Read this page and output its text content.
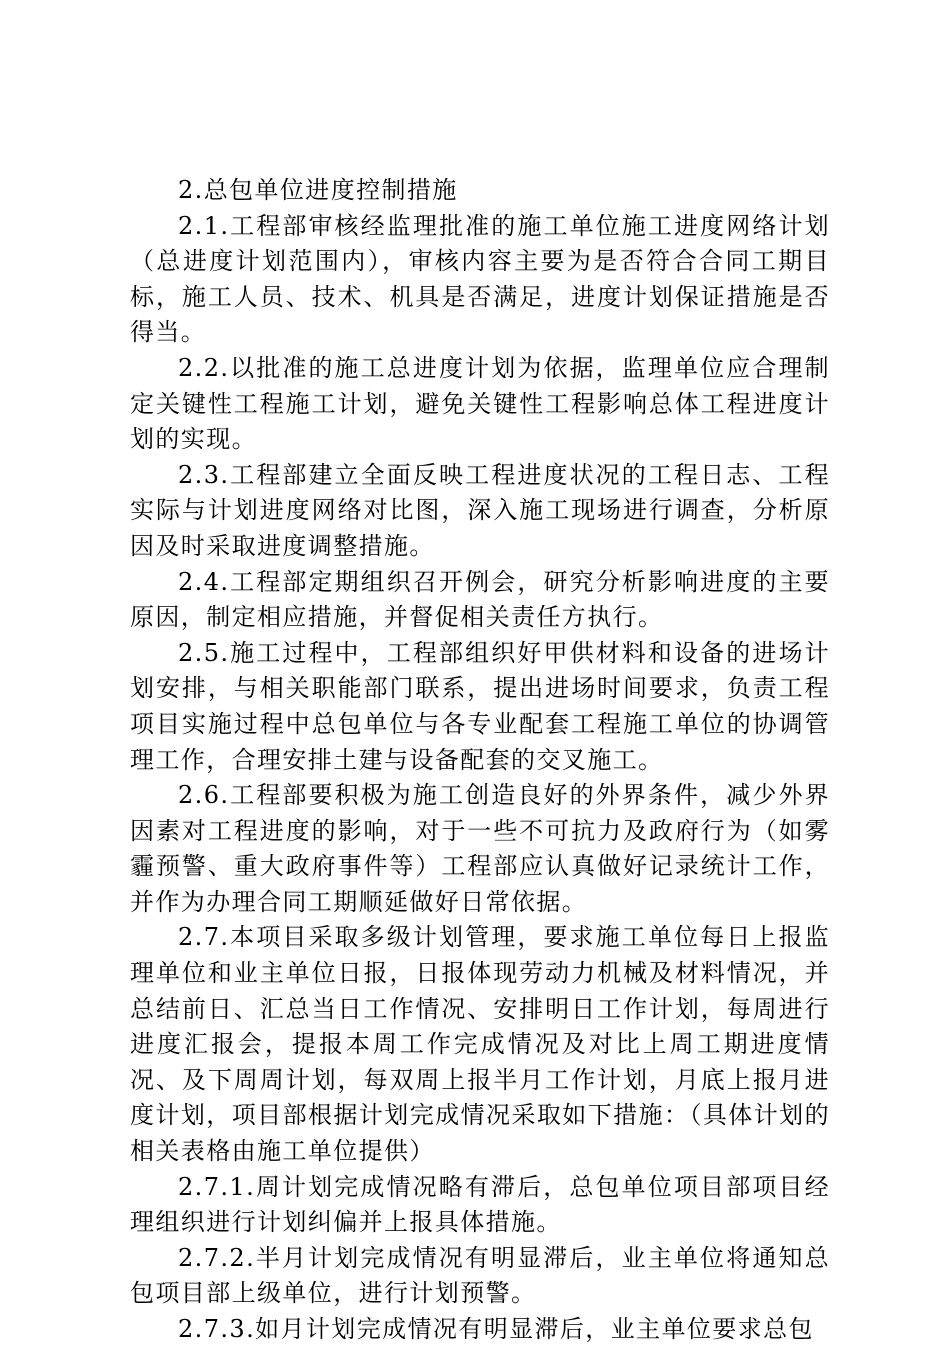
2.总包单位进度控制措施

2.1.工程部审核经监理批准的施工单位施工进度网络计划（总进度计划范围内），审核内容主要为是否符合合同工期目标，施工人员、技术、机具是否满足，进度计划保证措施是否得当。

2.2.以批准的施工总进度计划为依据，监理单位应合理制定关键性工程施工计划，避免关键性工程影响总体工程进度计划的实现。

2.3.工程部建立全面反映工程进度状况的工程日志、工程实际与计划进度网络对比图，深入施工现场进行调查，分析原因及时采取进度调整措施。

2.4.工程部定期组织召开例会，研究分析影响进度的主要原因，制定相应措施，并督促相关责任方执行。

2.5.施工过程中，工程部组织好甲供材料和设备的进场计划安排，与相关职能部门联系，提出进场时间要求，负责工程项目实施过程中总包单位与各专业配套工程施工单位的协调管理工作，合理安排土建与设备配套的交叉施工。

2.6.工程部要积极为施工创造良好的外界条件，减少外界因素对工程进度的影响，对于一些不可抗力及政府行为（如雾霾预警、重大政府事件等）工程部应认真做好记录统计工作，并作为办理合同工期顺延做好日常依据。

2.7.本项目采取多级计划管理，要求施工单位每日上报监理单位和业主单位日报，日报体现劳动力机械及材料情况，并总结前日、汇总当日工作情况、安排明日工作计划，每周进行进度汇报会，提报本周工作完成情况及对比上周工期进度情况、及下周周计划，每双周上报半月工作计划，月底上报月进度计划，项目部根据计划完成情况采取如下措施：（具体计划的相关表格由施工单位提供）

2.7.1.周计划完成情况略有滞后，总包单位项目部项目经理组织进行计划纠偏并上报具体措施。

2.7.2.半月计划完成情况有明显滞后，业主单位将通知总包项目部上级单位，进行计划预警。

2.7.3.如月计划完成情况有明显滞后，业主单位要求总包
